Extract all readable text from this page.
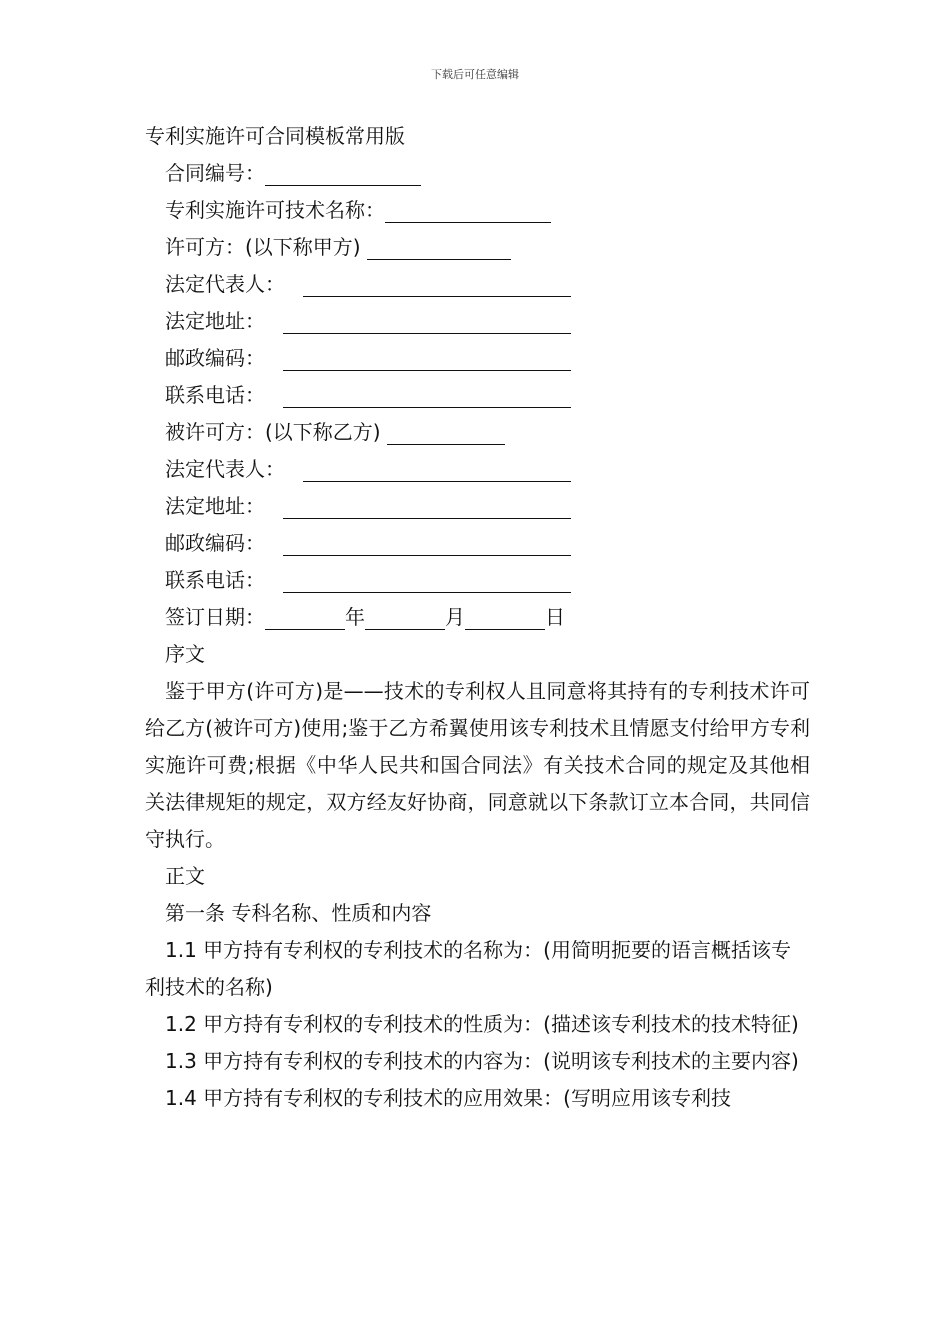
下载后可任意编辑
专利实施许可合同模板常用版
合同编号：
专利实施许可技术名称：
许可方：(以下称甲方)
法定代表人：
法定地址：
邮政编码：
联系电话：
被许可方：(以下称乙方)
法定代表人：
法定地址：
邮政编码：
联系电话：
签订日期：	年	月	日
序文

鉴于甲方(许可方)是——技术的专利权人且同意将其持有的专利技术许可给乙方(被许可方)使用;鉴于乙方希翼使用该专利技术且情愿支付给甲方专利实施许可费;根据《中华人民共和国合同法》有关技术合同的规定及其他相关法律规矩的规定，双方经友好协商，同意就以下条款订立本合同，共同信守执行。

正文
第一条 专科名称、性质和内容

1.1 甲方持有专利权的专利技术的名称为：(用简明扼要的语言概括该专利技术的名称)

1.2 甲方持有专利权的专利技术的性质为：(描述该专利技术的技术特征)

1.3 甲方持有专利权的专利技术的内容为：(说明该专利技术的主要内容)

1.4 甲方持有专利权的专利技术的应用效果：(写明应用该专利技
